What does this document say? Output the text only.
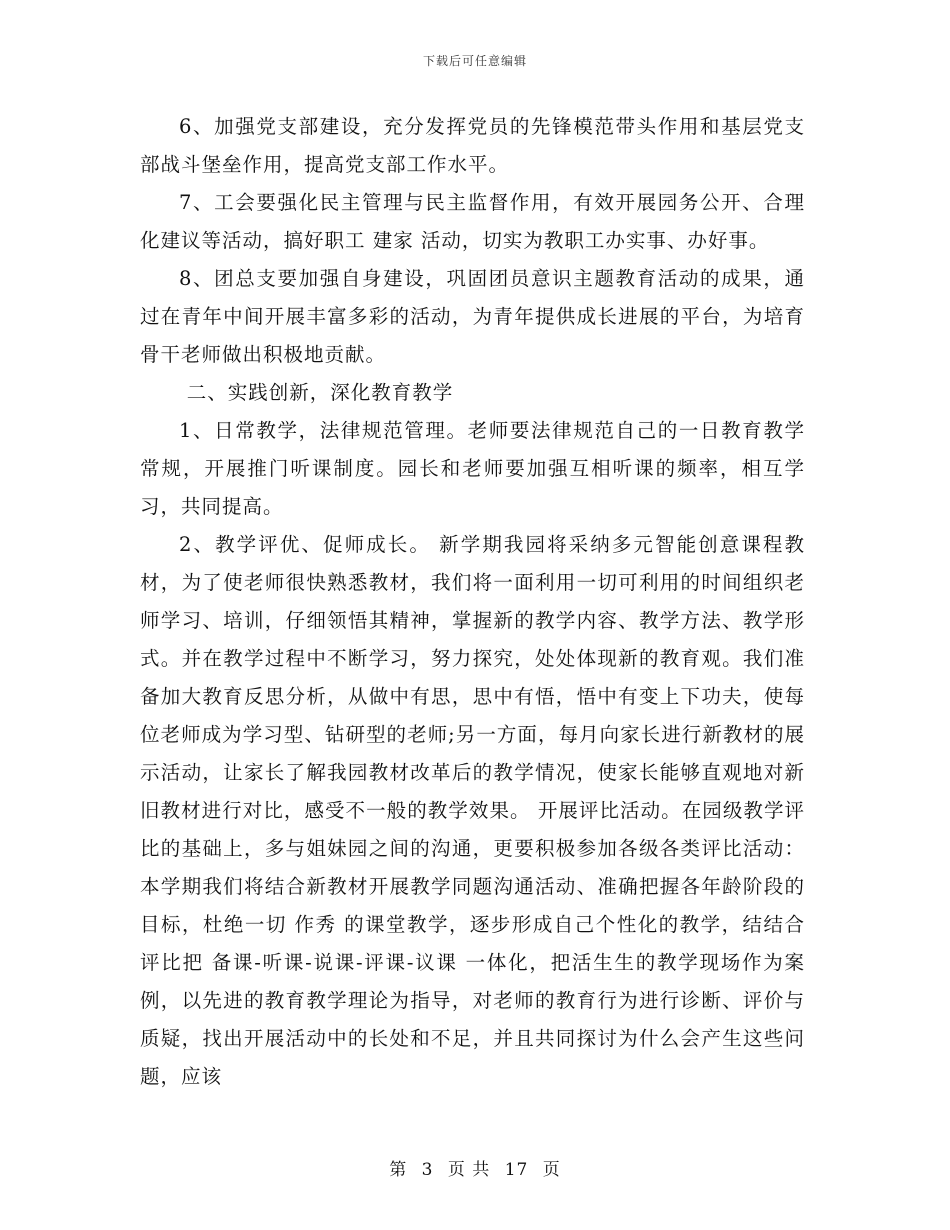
下载后可任意编辑

6、加强党支部建设，充分发挥党员的先锋模范带头作用和基层党支部战斗堡垒作用，提高党支部工作水平。

7、工会要强化民主管理与民主监督作用，有效开展园务公开、合理化建议等活动，搞好职工 建家 活动，切实为教职工办实事、办好事。

8、团总支要加强自身建设，巩固团员意识主题教育活动的成果，通过在青年中间开展丰富多彩的活动，为青年提供成长进展的平台，为培育骨干老师做出积极地贡献。

二、实践创新，深化教育教学

1、日常教学，法律规范管理。老师要法律规范自己的一日教育教学常规，开展推门听课制度。园长和老师要加强互相听课的频率，相互学习，共同提高。

2、教学评优、促师成长。 新学期我园将采纳多元智能创意课程教材，为了使老师很快熟悉教材，我们将一面利用一切可利用的时间组织老师学习、培训，仔细领悟其精神，掌握新的教学内容、教学方法、教学形式。并在教学过程中不断学习，努力探究，处处体现新的教育观。我们准备加大教育反思分析，从做中有思，思中有悟，悟中有变上下功夫，使每位老师成为学习型、钻研型的老师;另一方面，每月向家长进行新教材的展示活动，让家长了解我园教材改革后的教学情况，使家长能够直观地对新旧教材进行对比，感受不一般的教学效果。 开展评比活动。在园级教学评比的基础上，多与姐妹园之间的沟通，更要积极参加各级各类评比活动：本学期我们将结合新教材开展教学同题沟通活动、准确把握各年龄阶段的目标，杜绝一切 作秀 的课堂教学，逐步形成自己个性化的教学，结结合评比把 备课-听课-说课-评课-议课 一体化，把活生生的教学现场作为案例，以先进的教育教学理论为指导，对老师的教育行为进行诊断、评价与质疑，找出开展活动中的长处和不足，并且共同探讨为什么会产生这些问题，应该

第 3 页 共 17 页
